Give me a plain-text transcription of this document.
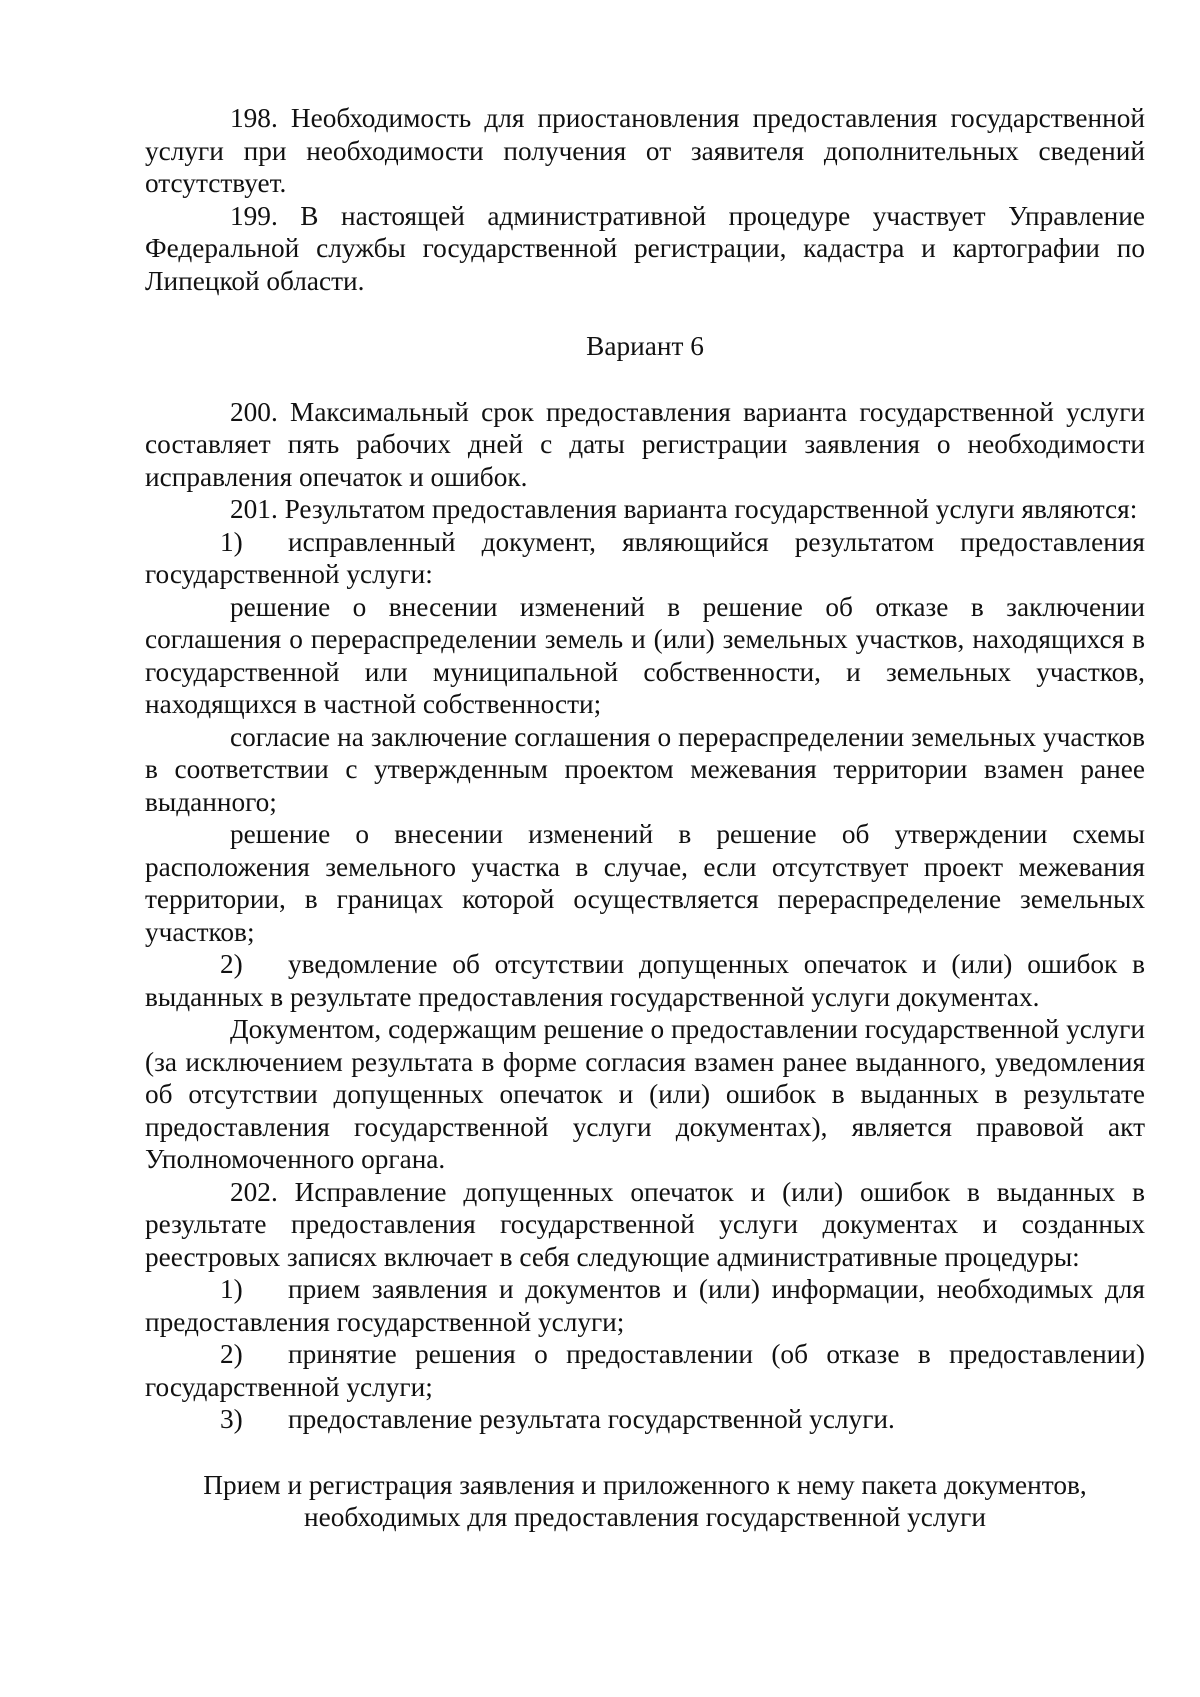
198. Необходимость для приостановления предоставления государственной услуги при необходимости получения от заявителя дополнительных сведений отсутствует.

199. В настоящей административной процедуре участвует Управление Федеральной службы государственной регистрации, кадастра и картографии по Липецкой области.

Вариант 6

200. Максимальный срок предоставления варианта государственной услуги составляет пять рабочих дней с даты регистрации заявления о необходимости исправления опечаток и ошибок.

201. Результатом предоставления варианта государственной услуги являются:

1) исправленный документ, являющийся результатом предоставления государственной услуги:

решение о внесении изменений в решение об отказе в заключении соглашения о перераспределении земель и (или) земельных участков, находящихся в государственной или муниципальной собственности, и земельных участков, находящихся в частной собственности;

согласие на заключение соглашения о перераспределении земельных участков в соответствии с утвержденным проектом межевания территории взамен ранее выданного;

решение о внесении изменений в решение об утверждении схемы расположения земельного участка в случае, если отсутствует проект межевания территории, в границах которой осуществляется перераспределение земельных участков;

2) уведомление об отсутствии допущенных опечаток и (или) ошибок в выданных в результате предоставления государственной услуги документах.

Документом, содержащим решение о предоставлении государственной услуги (за исключением результата в форме согласия взамен ранее выданного, уведомления об отсутствии допущенных опечаток и (или) ошибок в выданных в результате предоставления государственной услуги документах), является правовой акт Уполномоченного органа.

202. Исправление допущенных опечаток и (или) ошибок в выданных в результате предоставления государственной услуги документах и созданных реестровых записях включает в себя следующие административные процедуры:

1) прием заявления и документов и (или) информации, необходимых для предоставления государственной услуги;

2) принятие решения о предоставлении (об отказе в предоставлении) государственной услуги;

3) предоставление результата государственной услуги.

Прием и регистрация заявления и приложенного к нему пакета документов,

необходимых для предоставления государственной услуги
